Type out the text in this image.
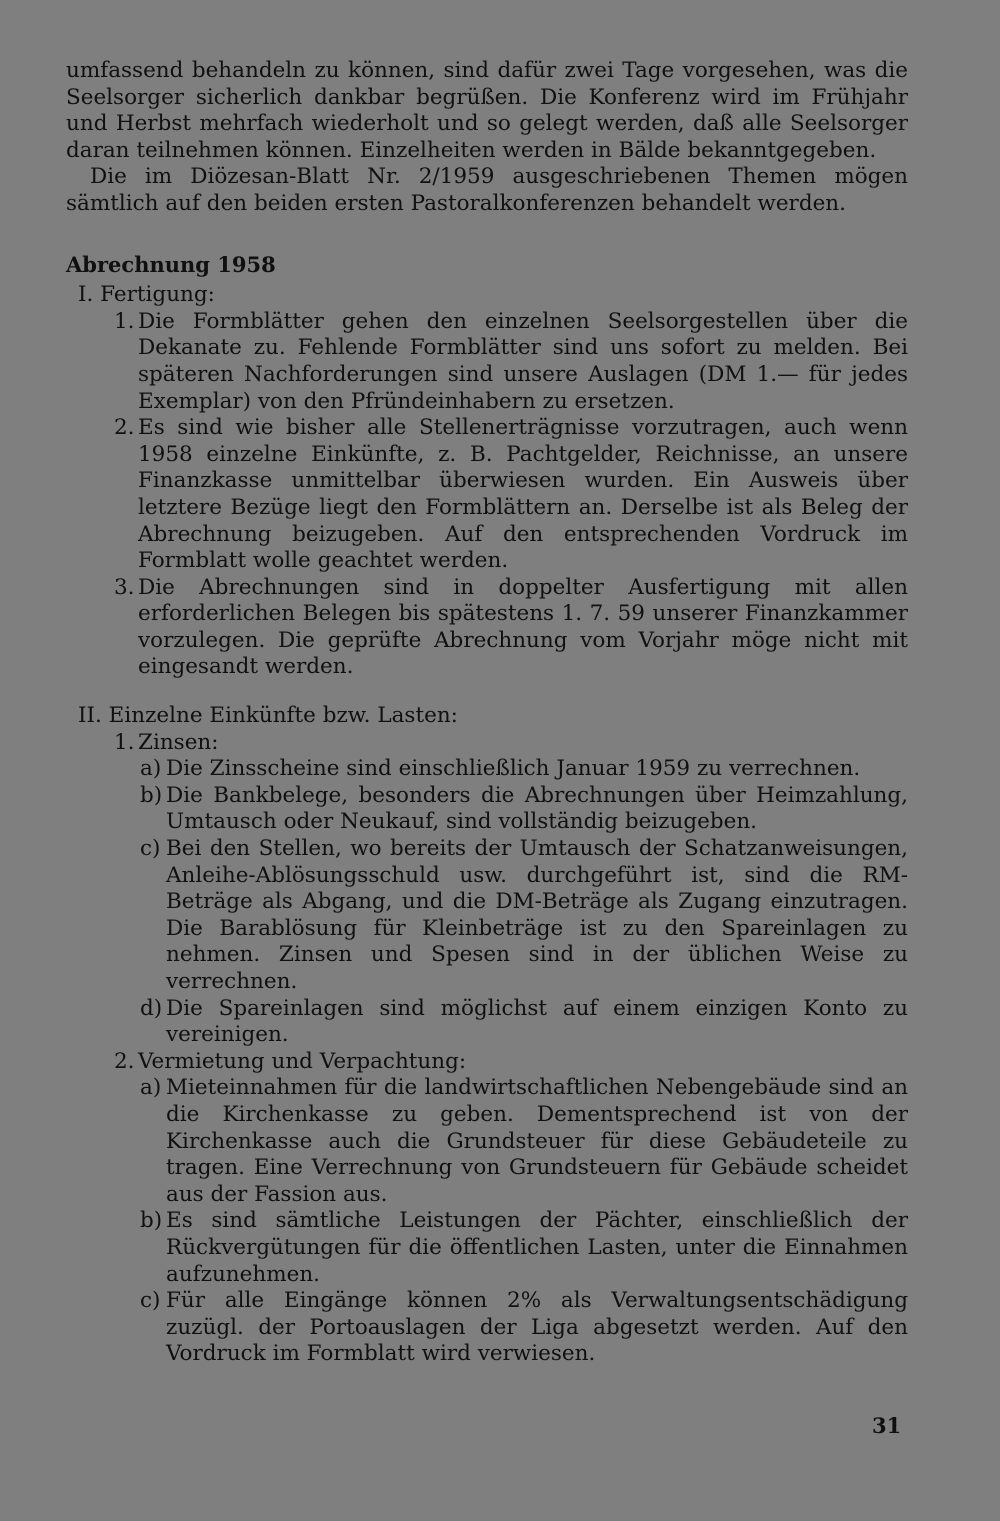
umfassend behandeln zu können, sind dafür zwei Tage vorgesehen, was die Seelsorger sicherlich dankbar begrüßen. Die Konferenz wird im Frühjahr und Herbst mehrfach wiederholt und so gelegt werden, daß alle Seelsorger daran teilnehmen können. Einzelheiten werden in Bälde bekanntgegeben.

Die im Diözesan-Blatt Nr. 2/1959 ausgeschriebenen Themen mögen sämtlich auf den beiden ersten Pastoralkonferenzen behandelt werden.

Abrechnung 1958

I. Fertigung:
1. Die Formblätter gehen den einzelnen Seelsorgestellen über die Dekanate zu. Fehlende Formblätter sind uns sofort zu melden. Bei späteren Nachforderungen sind unsere Auslagen (DM 1.— für jedes Exemplar) von den Pfründeinhabern zu ersetzen.
2. Es sind wie bisher alle Stellenerträgnisse vorzutragen, auch wenn 1958 einzelne Einkünfte, z. B. Pachtgelder, Reichnisse, an unsere Finanzkasse unmittelbar überwiesen wurden. Ein Ausweis über letztere Bezüge liegt den Formblättern an. Derselbe ist als Beleg der Abrechnung beizugeben. Auf den entsprechenden Vordruck im Formblatt wolle geachtet werden.
3. Die Abrechnungen sind in doppelter Ausfertigung mit allen erforderlichen Belegen bis spätestens 1. 7. 59 unserer Finanzkammer vorzulegen. Die geprüfte Abrechnung vom Vorjahr möge nicht mit eingesandt werden.
II. Einzelne Einkünfte bzw. Lasten:
1. Zinsen:
a) Die Zinsscheine sind einschließlich Januar 1959 zu verrechnen.
b) Die Bankbelege, besonders die Abrechnungen über Heimzahlung, Umtausch oder Neukauf, sind vollständig beizugeben.
c) Bei den Stellen, wo bereits der Umtausch der Schatzanweisungen, Anleihe-Ablösungsschuld usw. durchgeführt ist, sind die RM-Beträge als Abgang, und die DM-Beträge als Zugang einzutragen. Die Barablösung für Kleinbeträge ist zu den Spareinlagen zu nehmen. Zinsen und Spesen sind in der üblichen Weise zu verrechnen.
d) Die Spareinlagen sind möglichst auf einem einzigen Konto zu vereinigen.
2. Vermietung und Verpachtung:
a) Mieteinnahmen für die landwirtschaftlichen Nebengebäude sind an die Kirchenkasse zu geben. Dementsprechend ist von der Kirchenkasse auch die Grundsteuer für diese Gebäudeteile zu tragen. Eine Verrechnung von Grundsteuern für Gebäude scheidet aus der Fassion aus.
b) Es sind sämtliche Leistungen der Pächter, einschließlich der Rückvergütungen für die öffentlichen Lasten, unter die Einnahmen aufzunehmen.
c) Für alle Eingänge können 2% als Verwaltungsentschädigung zuzügl. der Portoauslagen der Liga abgesetzt werden. Auf den Vordruck im Formblatt wird verwiesen.
31
